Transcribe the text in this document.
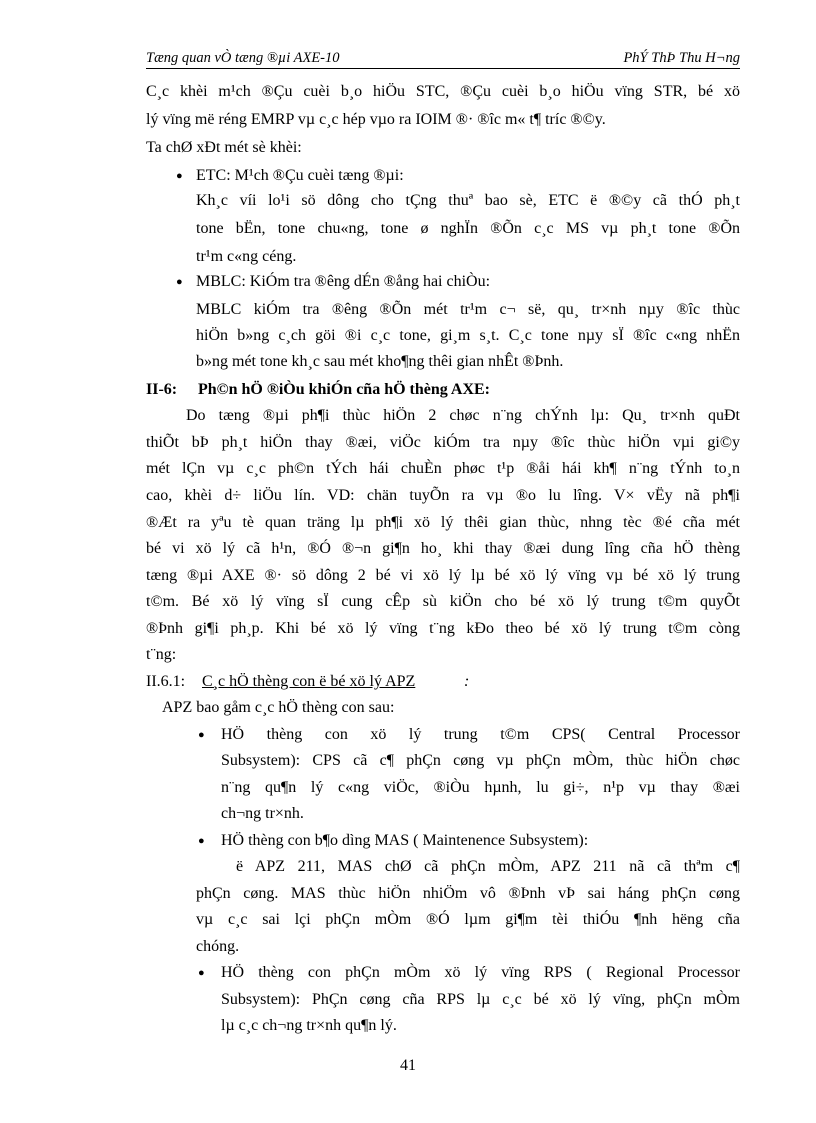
Tæng quan vÒ tæng ®µi AXE-10	PhÝ ThÞ Thu H¬ng
C¸c khèi m¹ch ®Çu cuèi b¸o hiÖu STC, ®Çu cuèi b¸o hiÖu vïng STR, bé xö
lý vïng më réng EMRP vµ c¸c hép vµo ra IOIM ®· ®îc m« t¶ tríc ®©y.
Ta chØ xÐt mét sè khèi:
● ETC: M¹ch ®Çu cuèi tæng ®µi:
Kh¸c víi lo¹i sö dông cho tÇng thuª bao sè, ETC ë ®©y cã thÓ ph¸t
tone bËn, tone chu«ng, tone ø nghÏn ®Õn c¸c MS vµ ph¸t tone ®Õn
tr¹m c«ng céng.
● MBLC: KiÓm tra ®êng dÉn ®ång hai chiÒu:
MBLC kiÓm tra ®êng ®Õn mét tr¹m c¬ së, qu¸ tr×nh nµy ®îc thùc
hiÖn b»ng c¸ch göi ®i c¸c tone, gi¸m s¸t. C¸c tone nµy sÏ ®îc c«ng nhËn
b»ng mét tone kh¸c sau mét kho¶ng thêi gian nhÊt ®Þnh.
II-6: Ph©n hÖ ®iÒu khiÓn cña hÖ thèng AXE:
Do tæng ®µi ph¶i thùc hiÖn 2 chøc n¨ng chÝnh lµ: Qu¸ tr×nh quÐt
thiÕt bÞ ph¸t hiÖn thay ®æi, viÖc kiÓm tra nµy ®îc thùc hiÖn vµi gi©y
mét lÇn vµ c¸c ph©n tÝch hái chuÈn phøc t¹p ®åi hái kh¶ n¨ng tÝnh to¸n
cao, khèi d÷ liÖu lín. VD: chän tuyÕn ra vµ ®o lu lîng. V× vËy nã ph¶i
®Æt ra yªu tè quan träng lµ ph¶i xö lý thêi gian thùc, nhng tèc ®é cña mét
bé vi xö lý cã h¹n, ®Ó ®¬n gi¶n ho¸ khi thay ®æi dung lîng cña hÖ thèng
tæng ®µi AXE ®· sö dông 2 bé vi xö lý lµ bé xö lý vïng vµ bé xö lý trung
t©m. Bé xö lý vïng sÏ cung cÊp sù kiÖn cho bé xö lý trung t©m quyÕt
®Þnh gi¶i ph¸p. Khi bé xö lý vïng t¨ng kÐo theo bé xö lý trung t©m còng
t¨ng:
II.6.1: C¸c hÖ thèng con ë bé xö lý APZ	:
APZ bao gåm c¸c hÖ thèng con sau:
● HÖ thèng con xö lý trung t©m CPS( Central Processor
Subsystem): CPS cã c¶ phÇn cøng vµ phÇn mÒm, thùc hiÖn chøc
n¨ng qu¶n lý c«ng viÖc, ®iÒu hµnh, lu gi÷, n¹p vµ thay ®æi
ch¬ng tr×nh.
● HÖ thèng con b¶o dìng MAS ( Maintenence Subsystem):
ë APZ 211, MAS chØ cã phÇn mÒm, APZ 211 nã cã thªm c¶
phÇn cøng. MAS thùc hiÖn nhiÖm vô ®Þnh vÞ sai háng phÇn cøng
vµ c¸c sai lçi phÇn mÒm ®Ó lµm gi¶m tèi thiÓu ¶nh hëng cña
chóng.
● HÖ thèng con phÇn mÒm xö lý vïng RPS ( Regional Processor
Subsystem): PhÇn cøng cña RPS lµ c¸c bé xö lý vïng, phÇn mÒm
lµ c¸c ch¬ng tr×nh qu¶n lý.
41
